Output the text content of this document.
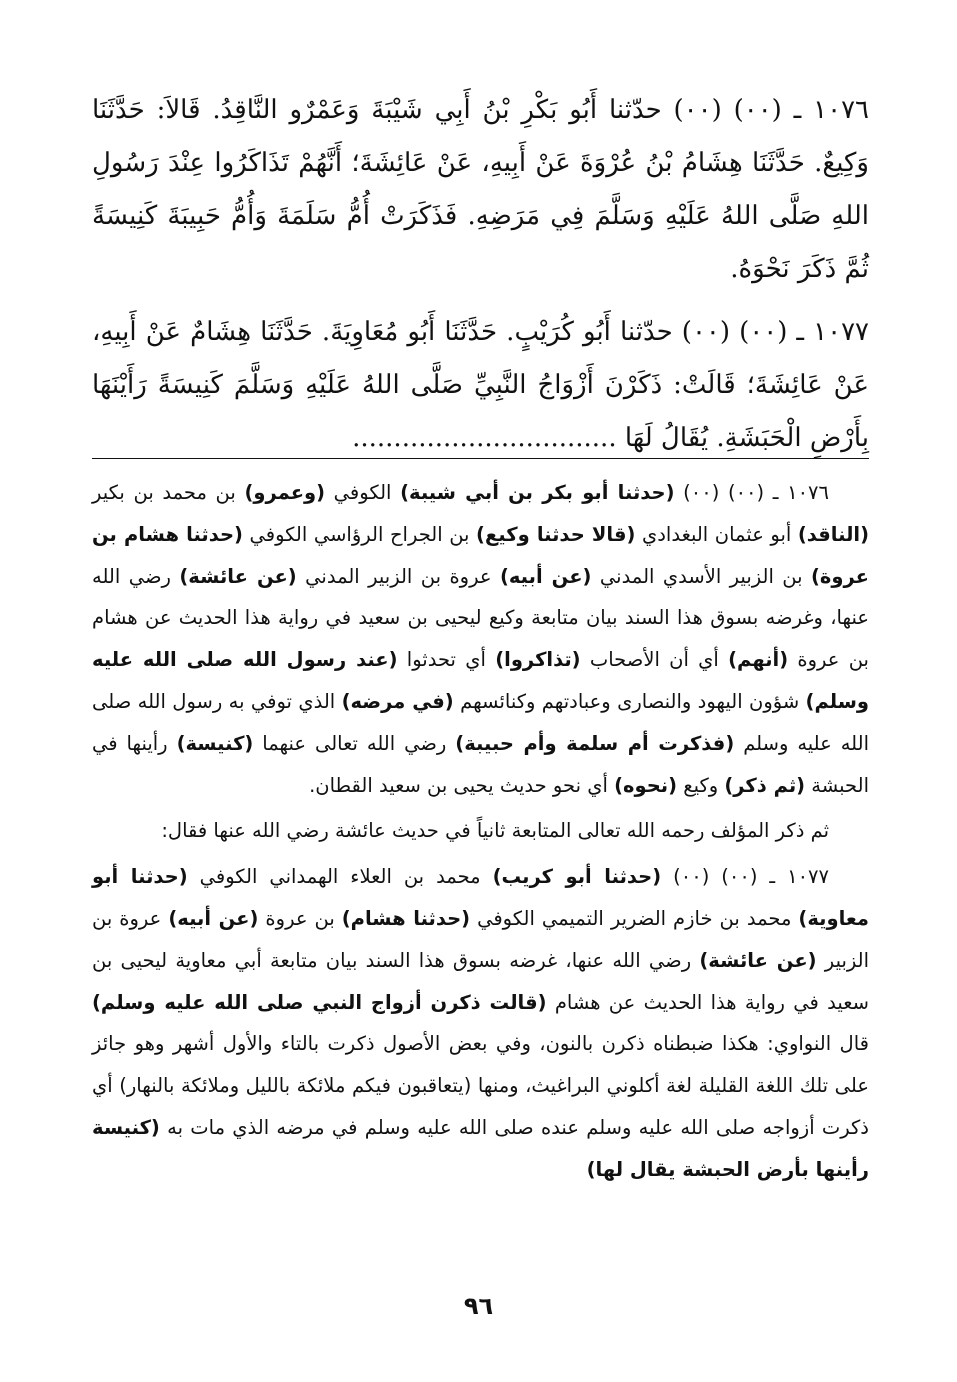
١٠٧٦ ـ (٠٠) (٠٠) حدّثنا أَبُو بَكْرِ بْنُ أَبِي شَيْبَةَ وَعَمْرٌو النَّاقِدُ. قَالاَ: حَدَّثَنَا وَكِيعٌ. حَدَّثَنَا هِشَامُ بْنُ عُرْوَةَ عَنْ أَبِيهِ، عَنْ عَائِشَةَ؛ أَنَّهُمْ تَذَاكَرُوا عِنْدَ رَسُولِ اللهِ صَلَّى اللهُ عَلَيْهِ وَسَلَّمَ فِي مَرَضِهِ. فَذَكَرَتْ أُمُّ سَلَمَةَ وَأُمُّ حَبِيبَةَ كَنِيسَةً ثُمَّ ذَكَرَ نَحْوَهُ.

١٠٧٧ ـ (٠٠) (٠٠) حدّثنا أَبُو كُرَيْبٍ. حَدَّثَنَا أَبُو مُعَاوِيَةَ. حَدَّثَنَا هِشَامٌ عَنْ أَبِيهِ، عَنْ عَائِشَةَ؛ قَالَتْ: ذَكَرْنَ أَزْوَاجُ النَّبِيِّ صَلَّى اللهُ عَلَيْهِ وَسَلَّمَ كَنِيسَةً رَأَيْنَهَا بِأَرْضِ الْحَبَشَةِ. يُقَالُ لَهَا ................................

١٠٧٦ ـ (٠٠) (٠٠) (حدثنا أبو بكر بن أبي شيبة) الكوفي (وعمرو) بن محمد بن بكير (الناقد) أبو عثمان البغدادي (قالا حدثنا وكيع) بن الجراح الرؤاسي الكوفي (حدثنا هشام بن عروة) بن الزبير الأسدي المدني (عن أبيه) عروة بن الزبير المدني (عن عائشة) رضي الله عنها، وغرضه بسوق هذا السند بيان متابعة وكيع ليحيى بن سعيد في رواية هذا الحديث عن هشام بن عروة (أنهم) أي أن الأصحاب (تذاكروا) أي تحدثوا (عند رسول الله صلى الله عليه وسلم) شؤون اليهود والنصارى وعبادتهم وكنائسهم (في مرضه) الذي توفي به رسول الله صلى الله عليه وسلم (فذكرت أم سلمة وأم حبيبة) رضي الله تعالى عنهما (كنيسة) رأينها في الحبشة (ثم ذكر) وكيع (نحوه) أي نحو حديث يحيى بن سعيد القطان.

ثم ذكر المؤلف رحمه الله تعالى المتابعة ثانياً في حديث عائشة رضي الله عنها فقال:

١٠٧٧ ـ (٠٠) (٠٠) (حدثنا أبو كريب) محمد بن العلاء الهمداني الكوفي (حدثنا أبو معاوية) محمد بن خازم الضرير التميمي الكوفي (حدثنا هشام) بن عروة (عن أبيه) عروة بن الزبير (عن عائشة) رضي الله عنها، غرضه بسوق هذا السند بيان متابعة أبي معاوية ليحيى بن سعيد في رواية هذا الحديث عن هشام (قالت ذكرن أزواج النبي صلى الله عليه وسلم) قال النواوي: هكذا ضبطناه ذكرن بالنون، وفي بعض الأصول ذكرت بالتاء والأول أشهر وهو جائز على تلك اللغة القليلة لغة أكلوني البراغيث، ومنها (يتعاقبون فيكم ملائكة بالليل وملائكة بالنهار) أي ذكرت أزواجه صلى الله عليه وسلم عنده صلى الله عليه وسلم في مرضه الذي مات به (كنيسة رأينها بأرض الحبشة يقال لها)

٩٦
